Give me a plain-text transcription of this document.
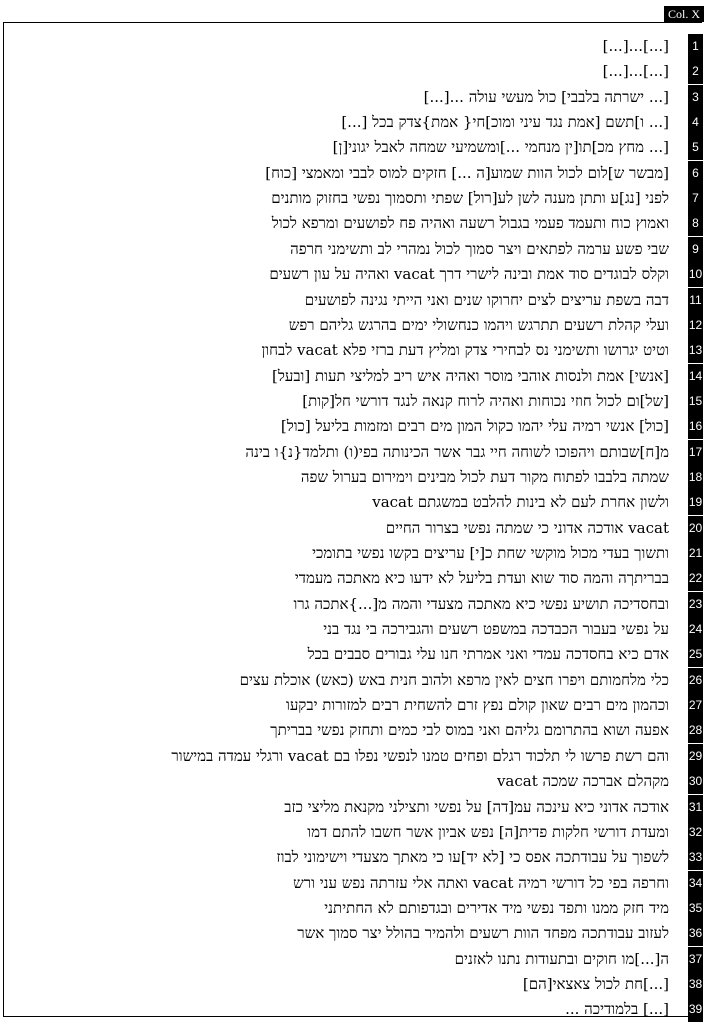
Col. X
[...]...[...]	1
[...]...[...]	2
[... ישרתה בלבבי] כול מעשי עולה ...[...]	3
[... ו]תשם [אמת נגד עיני ומוכ]חי{ אמת}צדק בכל [...]	4
[... מחץ מכ]תו[ין מנחמי ...]ומשמיעי שמחה לאבל יגוני[ן]	5
[מבשר ש]לום לכול הוות שמוע[ה ...] חזקים למוס לבבי ומאמצי [כוח]	6
לפני [נג]ע ותתן מענה לשן לע[רול] שפתי ותסמוך נפשי בחזוק מותנים	7
ואמוץ כוח ותעמד פעמי בגבול רשעה ואהיה פח לפושעים ומרפא לכול	8
שבי פשע ערמה לפתאים ויצר סמוך לכול נמהרי לב ותשימני חרפה	9
וקלס לבוגדים סוד אמת ובינה לישרי דרך vacat ואהיה על עון רשעים	10
דבה בשפת עריצים לצים יחרוקו שנים ואני הייתי נגינה לפושעים	11
ועלי קהלת רשעים תתרגש ויהמו כנחשולי ימים בהרגש גליהם רפש	12
וטיט יגרושו ותשימני נס לבחירי צדק ומליץ דעת ברזי פלא vacat לבחון	13
[אנשי] אמת ולנסות אוהבי מוסר ואהיה איש ריב למליצי תעות [ובעל]	14
[של]ום לכול חוזי נכוחות ואהיה לרוח קנאה לנגד דורשי חל[קות]	15
[כול] אנשי רמיה עלי יהמו כקול המון מים רבים ומזמות בליעל [כול]	16
מ[ח]שבותם ויהפוכו לשוחה חיי גבר אשר הכינותה בפי(ו) ותלמד{נ}ו בינה	17
שמתה בלבבו לפתוח מקור דעת לכול מבינים וימירום בערול שפה	18
ולשון אחרת לעם לא בינות להלבט במשגתם vacat	19
vacat אודכה אדוני כי שמתה נפשי בצרור החיים	20
ותשוך בעדי מכול מוקשי שחת כ[י] עריצים בקשו נפשי בתומכי	21
בבריתךה והמה סוד שוא ועדת בליעל לא ידעו כיא מאתכה מעמדי	22
ובחסדיכה תושיע נפשי כיא מאתכה מצעדי והמה מ[...}אתכה גרו	23
על נפשי בעבור הכבדכה במשפט רשעים והגבירכה בי נגד בני	24
אדם כיא בחסדכה עמדי ואני אמרתי חנו עלי גבורים סבבים בכל	25
כלי מלחמותם ויפרו חצים לאין מרפא ולהוב חנית באש (כאש) אוכלת עצים	26
וכהמון מים רבים שאון קולם נפץ זרם להשחית רבים למזורות יבקעו	27
אפעה ושוא בהתרומם גליהם ואני במוס לבי כמים ותחזק נפשי בבריתך	28
והם רשת פרשו לי תלכוד רגלם ופחים טמנו לנפשי נפלו בם vacat ורגלי עמדה במישור	29
מקהלם אברכה שמכה vacat	30
אודכה אדוני כיא עינכה עמ[דה] על נפשי ותצילני מקנאת מליצי כזב	31
ומעדת דורשי חלקות פדית[ה] נפש אביון אשר חשבו להתם דמו	32
לשפוך על עבודתכה אפס כי [לא יד]עו כי מאתך מצעדי וישימוני לבוז	33
וחרפה בפי כל דורשי רמיה vacat ואתה אלי עזרתה נפש עני ורש	34
מיד חזק ממנו ותפד נפשי מיד אדירים ובגדפותם לא החתיתני	35
לעזוב עבודתכה מפחד הוות רשעים ולהמיר בהולל יצר סמוך אשר	36
ה[...]מו חוקים ובתעודות נתנו לאזנים	37
[...]חת לכול צאצאי[הם]	38
[...] בלמודיכה ...	39
